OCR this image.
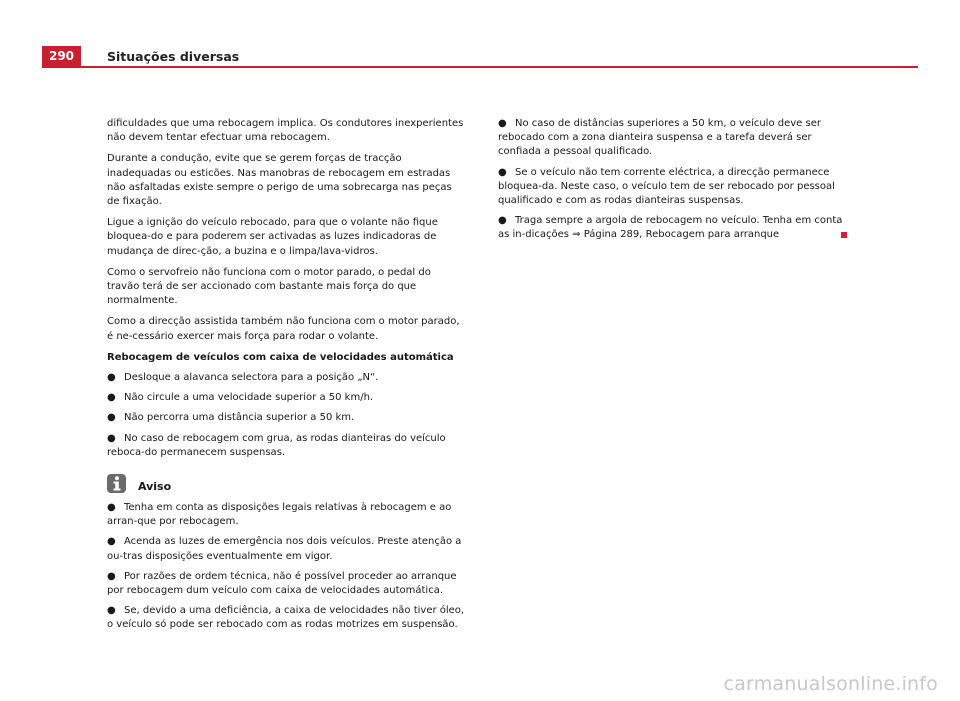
290	Situações diversas

dificuldades que uma rebocagem implica. Os condutores inexperientes não devem tentar efectuar uma rebocagem.

Durante a condução, evite que se gerem forças de tracção inadequadas ou esticões. Nas manobras de rebocagem em estradas não asfaltadas existe sempre o perigo de uma sobrecarga nas peças de fixação.

Ligue a ignição do veículo rebocado, para que o volante não fique bloquea-do e para poderem ser activadas as luzes indicadoras de mudança de direc-ção, a buzina e o limpa/lava-vidros.

Como o servofreio não funciona com o motor parado, o pedal do travão terá de ser accionado com bastante mais força do que normalmente.

Como a direcção assistida também não funciona com o motor parado, é ne-cessário exercer mais força para rodar o volante.

Rebocagem de veículos com caixa de velocidades automática
● Desloque a alavanca selectora para a posição „N“.
● Não circule a uma velocidade superior a 50 km/h.
● Não percorra uma distância superior a 50 km.
● No caso de rebocagem com grua, as rodas dianteiras do veículo reboca-do permanecem suspensas.
Aviso
● Tenha em conta as disposições legais relativas à rebocagem e ao arran-que por rebocagem.
● Acenda as luzes de emergência nos dois veículos. Preste atenção a ou-tras disposições eventualmente em vigor.
● Por razões de ordem técnica, não é possível proceder ao arranque por rebocagem dum veículo com caixa de velocidades automática.
● Se, devido a uma deficiência, a caixa de velocidades não tiver óleo, o veículo só pode ser rebocado com as rodas motrizes em suspensão.
● No caso de distâncias superiores a 50 km, o veículo deve ser rebocado com a zona dianteira suspensa e a tarefa deverá ser confiada a pessoal qualificado.
● Se o veículo não tem corrente eléctrica, a direcção permanece bloquea-da. Neste caso, o veículo tem de ser rebocado por pessoal qualificado e com as rodas dianteiras suspensas.
● Traga sempre a argola de rebocagem no veículo. Tenha em conta as in-dicações ⇒ Página 289, Rebocagem para arranque
carmanualsonline.info
